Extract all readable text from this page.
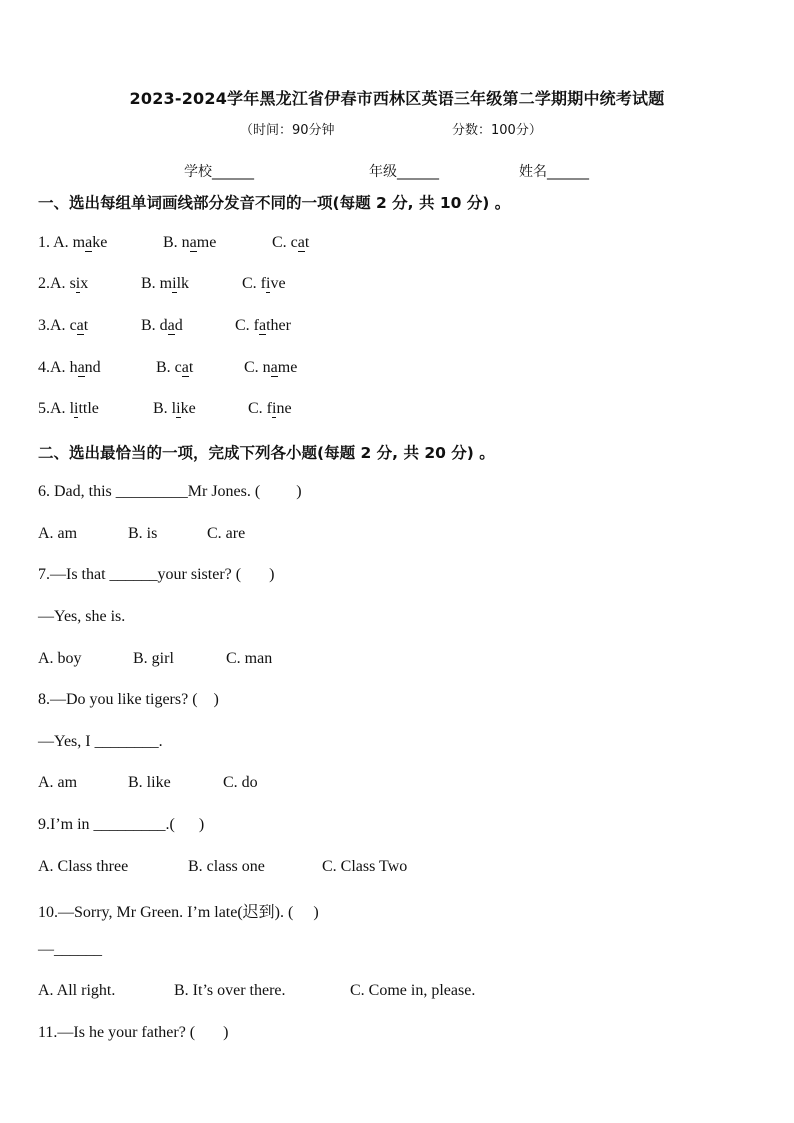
2023-2024学年黑龙江省伊春市西林区英语三年级第二学期期中统考试题
（时间：90分钟	分数：100分）
学校______	年级______	姓名______
一、选出每组单词画线部分发音不同的一项(每题 2 分, 共 10 分) 。
1. A. make	B. name	C. cat
2.A. six	B. milk	C. five
3.A. cat	B. dad	C. father
4.A. hand	B. cat	C. name
5.A. little	B. like	C. fine
二、选出最恰当的一项，完成下列各小题(每题 2 分, 共 20 分) 。
6. Dad, this _________Mr Jones. (         )
A. am	B. is	C. are
7.—Is that ______your sister? (       )
—Yes, she is.
A. boy	B. girl	C. man
8.—Do you like tigers? (    )
—Yes, I ________.
A. am	B. like	C. do
9.I’m in _________.(      )
A. Class three	B. class one	C. Class Two
10.—Sorry, Mr Green. I’m late(迟到). (     )
—______
A. All right.	B. It’s over there.	C. Come in, please.
11.—Is he your father? (       )
